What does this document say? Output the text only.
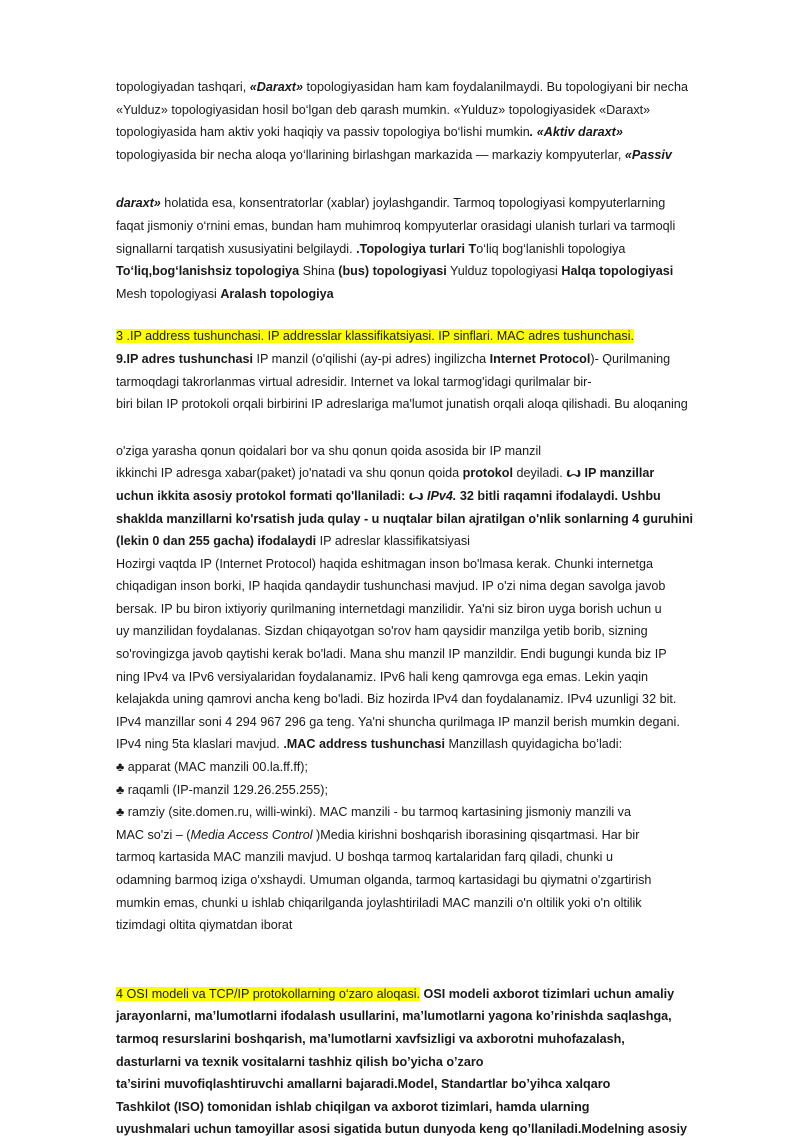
topologiyadan tashqari, «Daraxt» topologiyasidan ham kam foydalanilmaydi. Bu topologiyani bir necha
«Yulduz» topologiyasidan hosil bo‘lgan deb qarash mumkin. «Yulduz» topologiyasidek «Daraxt»
topologiyasida ham aktiv yoki haqiqiy va passiv topologiya bo‘lishi mumkin. «Aktiv daraxt»
topologiyasida bir necha aloqa yo‘llarining birlashgan markazida — markaziy kompyuterlar, «Passiv
daraxt» holatida esa, konsentratorlar (xablar) joylashgandir. Tarmoq topologiyasi kompyuterlarning
faqat jismoniy o‘rnini emas, bundan ham muhimroq kompyuterlar orasidagi ulanish turlari va tarmoqli
signallarni tarqatish xususiyatini belgilaydi. .Topologiya turlari To‘liq bog‘lanishli topologiya
To‘liq,bog‘lanishsiz topologiya Shina (bus) topologiyasi Yulduz topologiyasi Halqa topologiyasi
Mesh topologiyasi Aralash topologiya
3 .IP address tushunchasi. IP addresslar klassifikatsiyasi. IP sinflari. MAC adres tushunchasi.
9.IP adres tushunchasi IP manzil (o'qilishi (ay-pi adres) ingilizcha Internet Protocol)- Qurilmaning
tarmoqdagi takrorlanmas virtual adresidir. Internet va lokal tarmog'idagi qurilmalar bir-
biri bilan IP protokoli orqali birbirini IP adreslariga ma'lumot junatish orqali aloqa qilishadi. Bu aloqaning
o'ziga yarasha qonun qoidalari bor va shu qonun qoida asosida bir IP manzil
ikkinchi IP adresga xabar(paket) jo'natadi va shu qonun qoida protokol deyiladi. ꙍ IP manzillar
uchun ikkita asosiy protokol formati qo'llaniladi: ꙍ IPv4. 32 bitli raqamni ifodalaydi. Ushbu
shaklda manzillarni ko'rsatish juda qulay - u nuqtalar bilan ajratilgan o'nlik sonlarning 4 guruhini
(lekin 0 dan 255 gacha) ifodalaydi IP adreslar klassifikatsiyasi
Hozirgi vaqtda IP (Internet Protocol) haqida eshitmagan inson bo'lmasa kerak. Chunki internetga
chiqadigan inson borki, IP haqida qandaydir tushunchasi mavjud. IP o'zi nima degan savolga javob
bersak. IP bu biron ixtiyoriy qurilmaning internetdagi manzilidir. Ya'ni siz biron uyga borish uchun u
uy manzilidan foydalanas. Sizdan chiqayotgan so'rov ham qaysidir manzilga yetib borib, sizning
so'rovingizga javob qaytishi kerak bo'ladi. Mana shu manzil IP manzildir. Endi bugungi kunda biz IP
ning IPv4 va IPv6 versiyalaridan foydalanamiz. IPv6 hali keng qamrovga ega emas. Lekin yaqin
kelajakda uning qamrovi ancha keng bo'ladi. Biz hozirda IPv4 dan foydalanamiz. IPv4 uzunligi 32 bit.
IPv4 manzillar soni 4 294 967 296 ga teng. Ya'ni shuncha qurilmaga IP manzil berish mumkin degani.
IPv4 ning 5ta klaslari mavjud. .MAC address tushunchasi Manzillash quyidagicha bo’ladi:
♣ apparat (MAC manzili 00.la.ff.ff);
♣ raqamli (IP-manzil 129.26.255.255);
♣ ramziy (site.domen.ru, willi-winki). MAC manzili - bu tarmoq kartasining jismoniy manzili va
MAC so'zi – (Media Access Control )Media kirishni boshqarish iborasining qisqartmasi. Har bir
tarmoq kartasida MAC manzili mavjud. U boshqa tarmoq kartalaridan farq qiladi, chunki u
odamning barmoq iziga o'xshaydi. Umuman olganda, tarmoq kartasidagi bu qiymatni o'zgartirish
mumkin emas, chunki u ishlab chiqarilganda joylashtiriladi MAC manzili o'n oltilik yoki o'n oltilik
tizimdagi oltita qiymatdan iborat
4 OSI modeli va TCP/IP protokollarning o‘zaro aloqasi. OSI modeli axborot tizimlari uchun amaliy
jarayonlarni, ma’lumotlarni ifodalash usullarini, ma’lumotlarni yagona ko’rinishda saqlashga,
tarmoq resurslarini boshqarish, ma’lumotlarni xavfsizligi va axborotni muhofazalash,
dasturlarni va texnik vositalarni tashhiz qilish bo’yicha o’zaro
ta’sirini muvofiqlashtiruvchi amallarni bajaradi.Model, Standartlar bo’yihca xalqaro
Tashkilot (ISO) tomonidan ishlab chiqilgan va axborot tizimlari, hamda ularning
uyushmalari uchun tamoyillar asosi sigatida butun dunyoda keng qo’llaniladi.Modelning asosiy
